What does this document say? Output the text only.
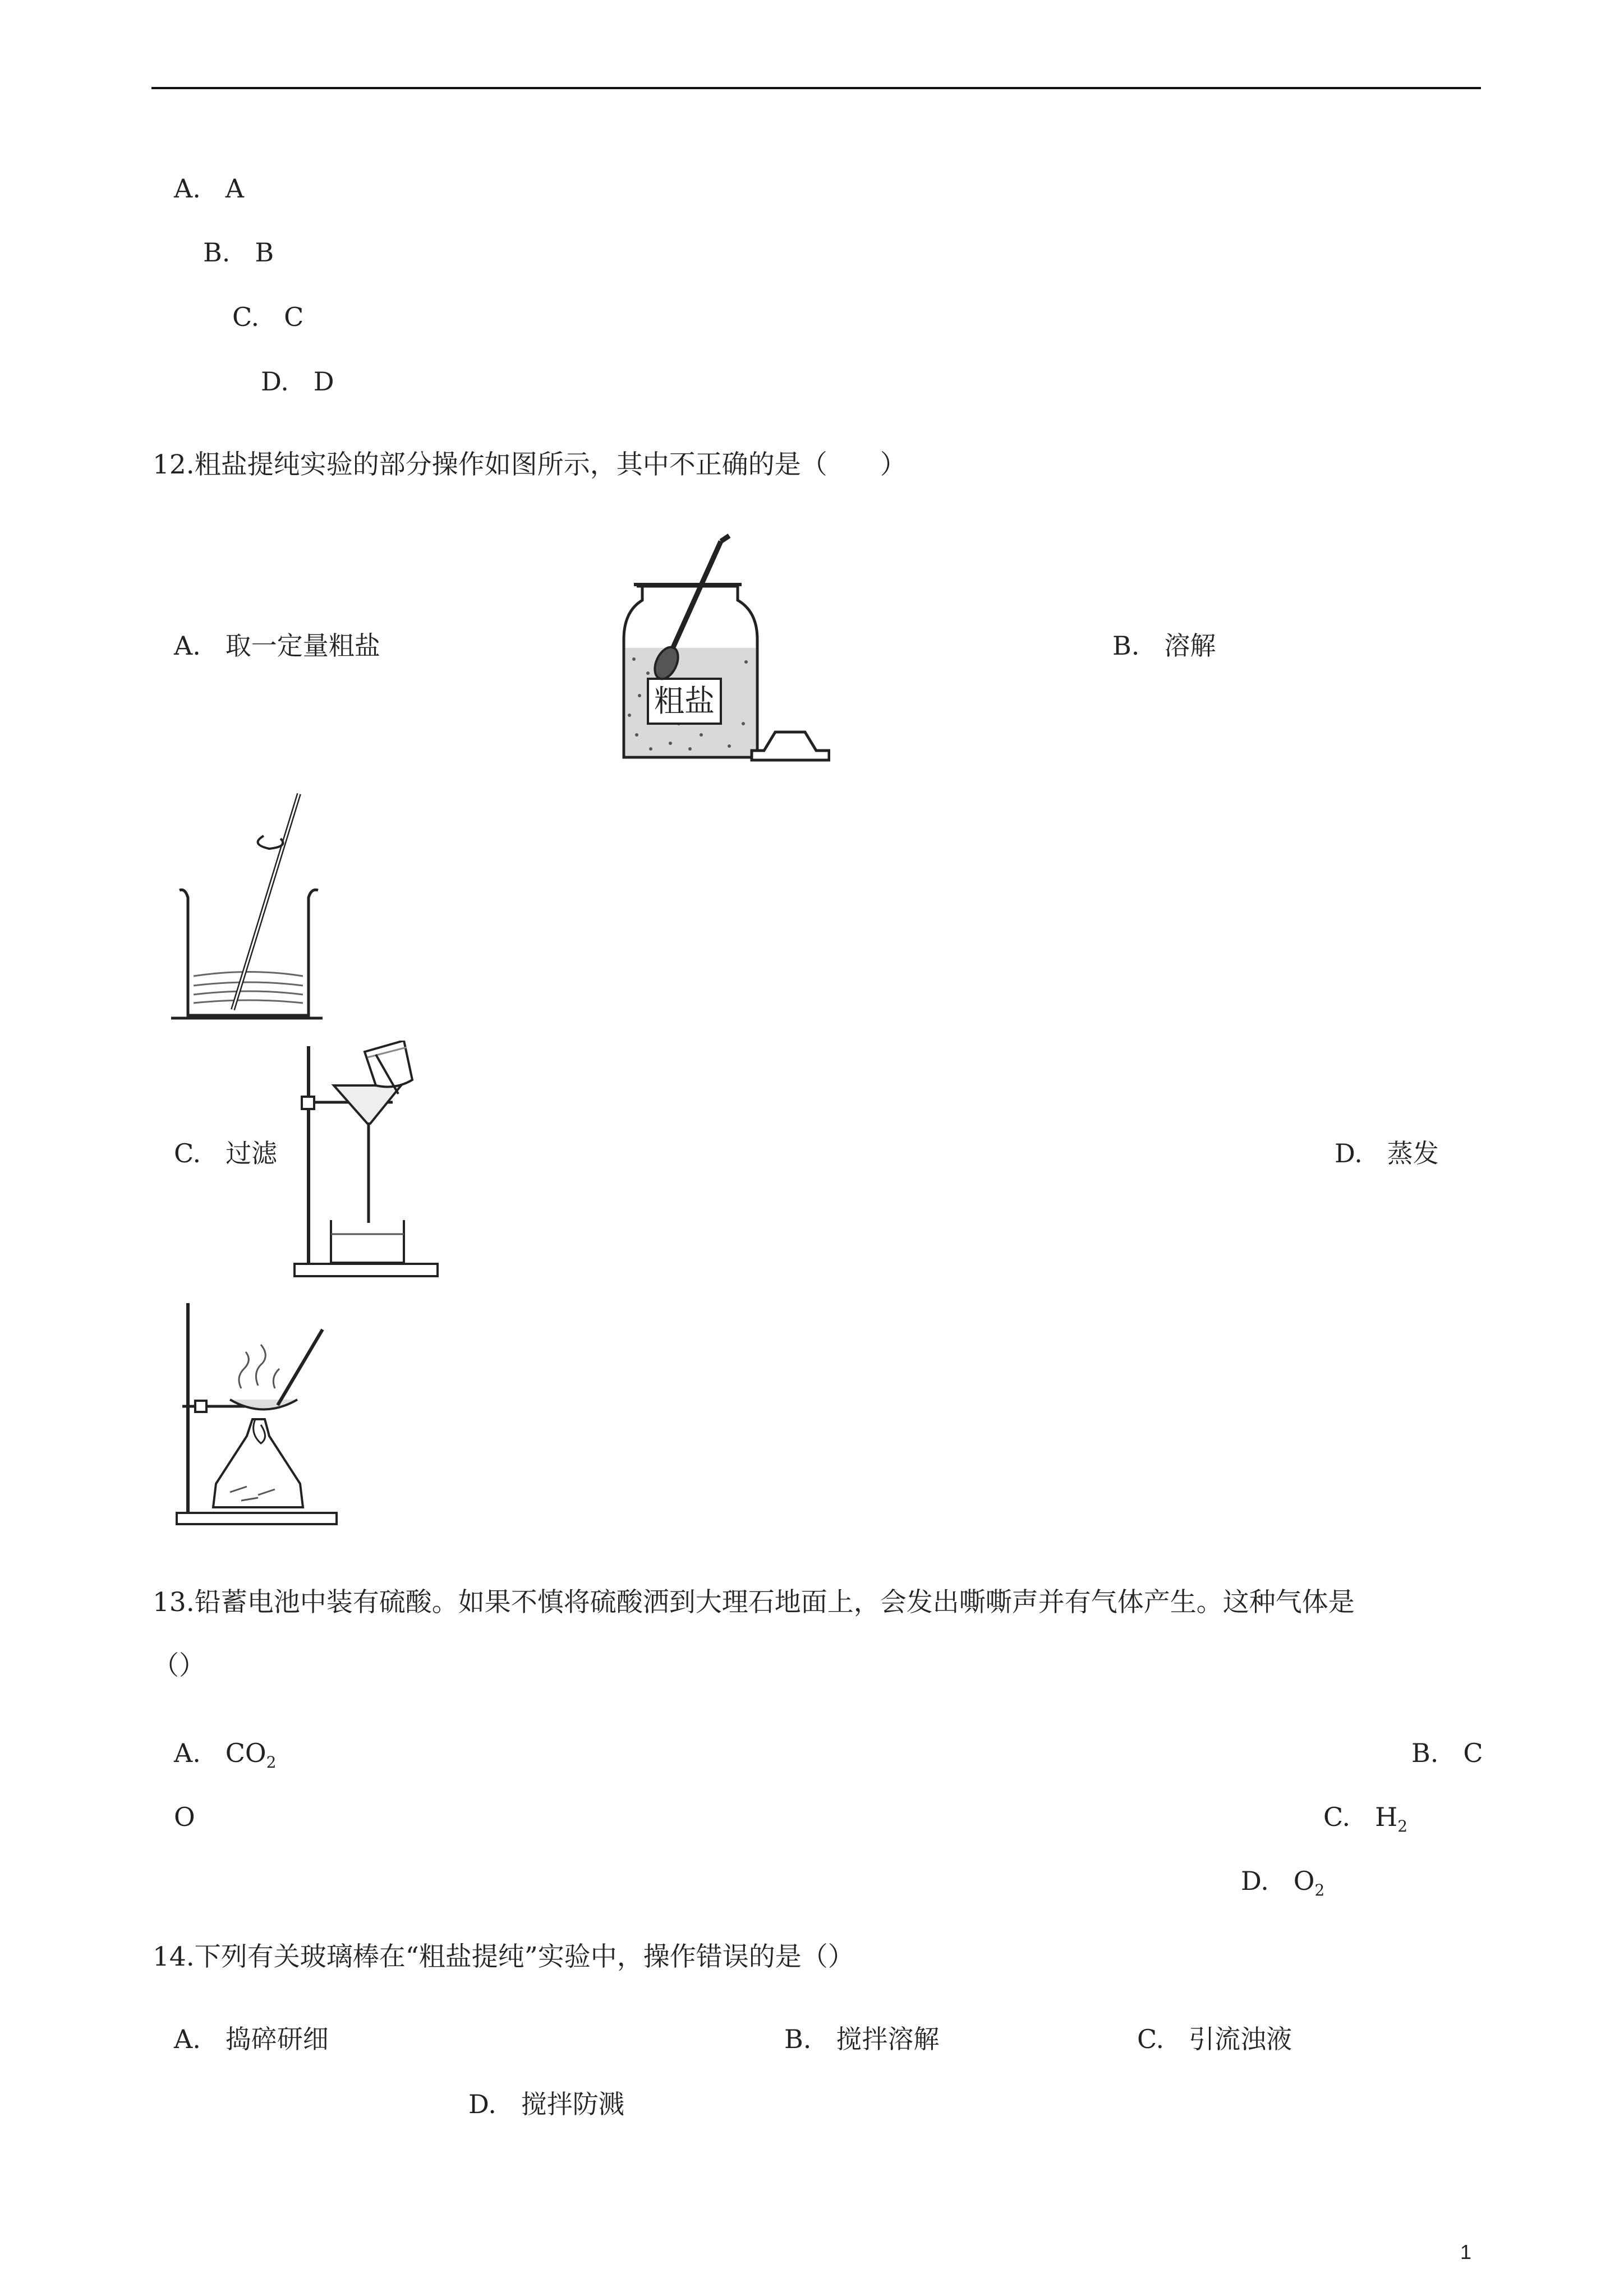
A. A
B. B
C. C
D. D
12.粗盐提纯实验的部分操作如图所示，其中不正确的是（　　）
A. 取一定量粗盐
粗盐
B. 溶解
C. 过滤	D. 蒸发
13.铅蓄电池中装有硫酸。如果不慎将硫酸洒到大理石地面上，会发出嘶嘶声并有气体产生。这种气体是
（）
A. $CO_2$	B. C
O	C. $H_2$
D. $O_2$
14.下列有关玻璃棒在“粗盐提纯”实验中，操作错误的是（）
A. 捣碎研细	B. 搅拌溶解	C. 引流浊液
D. 搅拌防溅
1
